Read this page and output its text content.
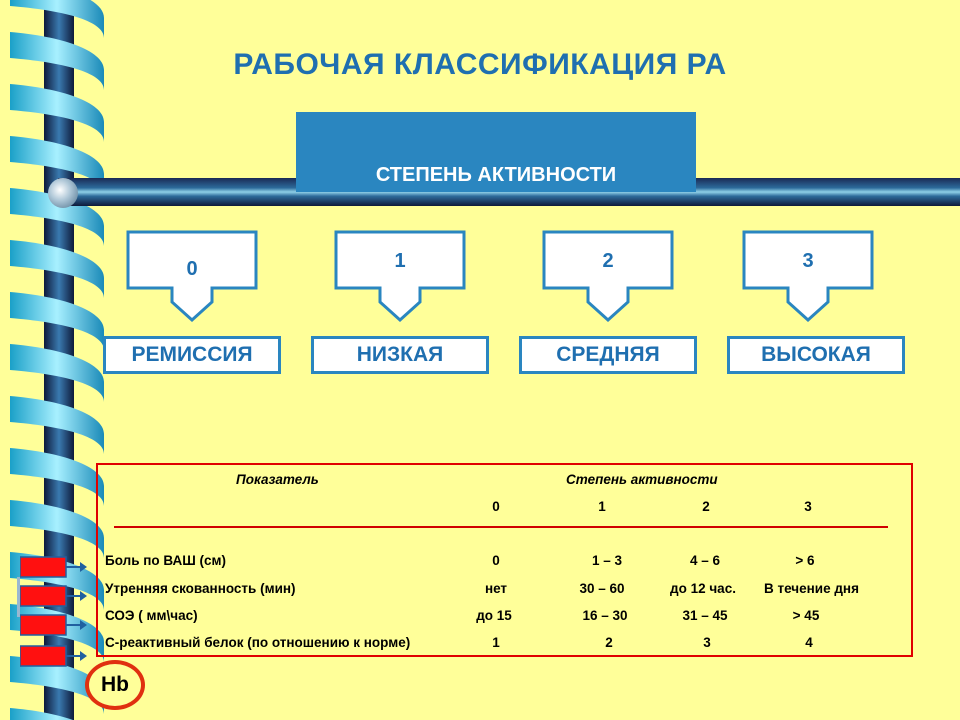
РАБОЧАЯ КЛАССИФИКАЦИЯ РА
СТЕПЕНЬ АКТИВНОСТИ
0	1	2	3
РЕМИССИЯ	НИЗКАЯ	СРЕДНЯЯ	ВЫСОКАЯ
Показатель	Степень активности
0	1	2	3
Боль по ВАШ (см)	0	1 – 3	4 – 6	> 6
Утренняя скованность (мин)	нет	30 – 60	до 12 час.	В течение дня
СОЭ ( мм\час)	до 15	16 – 30	31 – 45	> 45
С-реактивный белок (по отношению к норме)	1	2	3	4
Hb
